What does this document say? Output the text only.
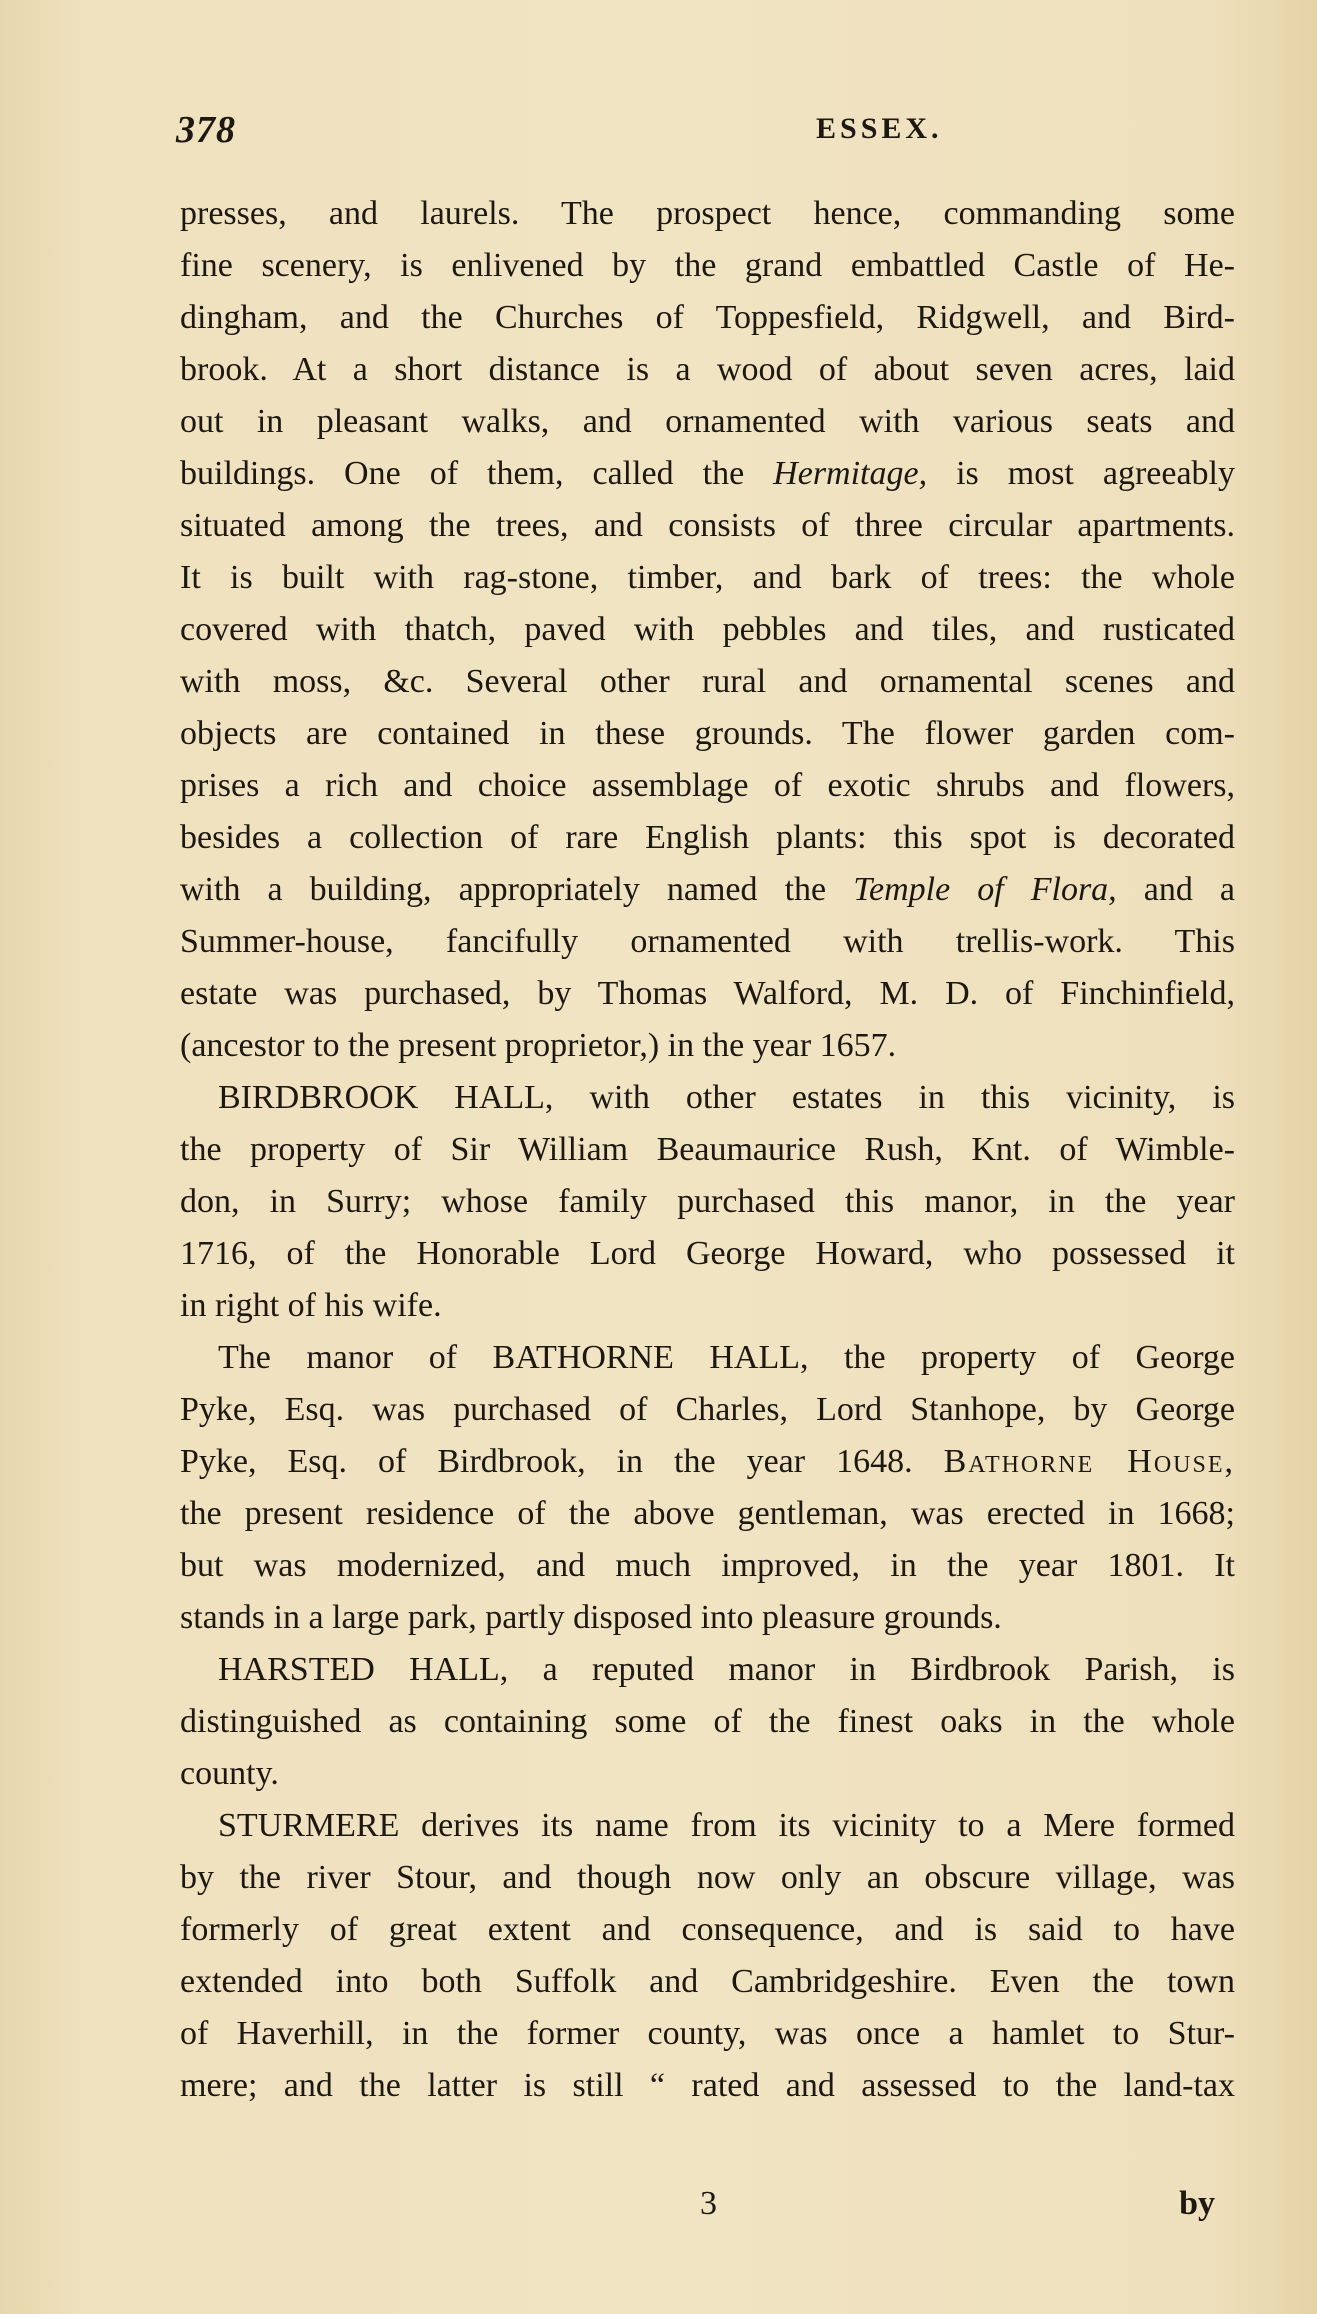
378	ESSEX.
presses, and laurels. The prospect hence, commanding some
fine scenery, is enlivened by the grand embattled Castle of He-
dingham, and the Churches of Toppesfield, Ridgwell, and Bird-
brook. At a short distance is a wood of about seven acres, laid
out in pleasant walks, and ornamented with various seats and
buildings. One of them, called the Hermitage, is most agreeably
situated among the trees, and consists of three circular apartments.
It is built with rag-stone, timber, and bark of trees: the whole
covered with thatch, paved with pebbles and tiles, and rusticated
with moss, &c. Several other rural and ornamental scenes and
objects are contained in these grounds. The flower garden com-
prises a rich and choice assemblage of exotic shrubs and flowers,
besides a collection of rare English plants: this spot is decorated
with a building, appropriately named the Temple of Flora, and a
Summer-house, fancifully ornamented with trellis-work. This
estate was purchased, by Thomas Walford, M. D. of Finchinfield,
(ancestor to the present proprietor,) in the year 1657.
BIRDBROOK HALL, with other estates in this vicinity, is
the property of Sir William Beaumaurice Rush, Knt. of Wimble-
don, in Surry; whose family purchased this manor, in the year
1716, of the Honorable Lord George Howard, who possessed it
in right of his wife.
The manor of BATHORNE HALL, the property of George
Pyke, Esq. was purchased of Charles, Lord Stanhope, by George
Pyke, Esq. of Birdbrook, in the year 1648. Bathorne House,
the present residence of the above gentleman, was erected in 1668;
but was modernized, and much improved, in the year 1801. It
stands in a large park, partly disposed into pleasure grounds.
HARSTED HALL, a reputed manor in Birdbrook Parish, is
distinguished as containing some of the finest oaks in the whole
county.
STURMERE derives its name from its vicinity to a Mere formed
by the river Stour, and though now only an obscure village, was
formerly of great extent and consequence, and is said to have
extended into both Suffolk and Cambridgeshire. Even the town
of Haverhill, in the former county, was once a hamlet to Stur-
mere; and the latter is still “ rated and assessed to the land-tax
3	by
